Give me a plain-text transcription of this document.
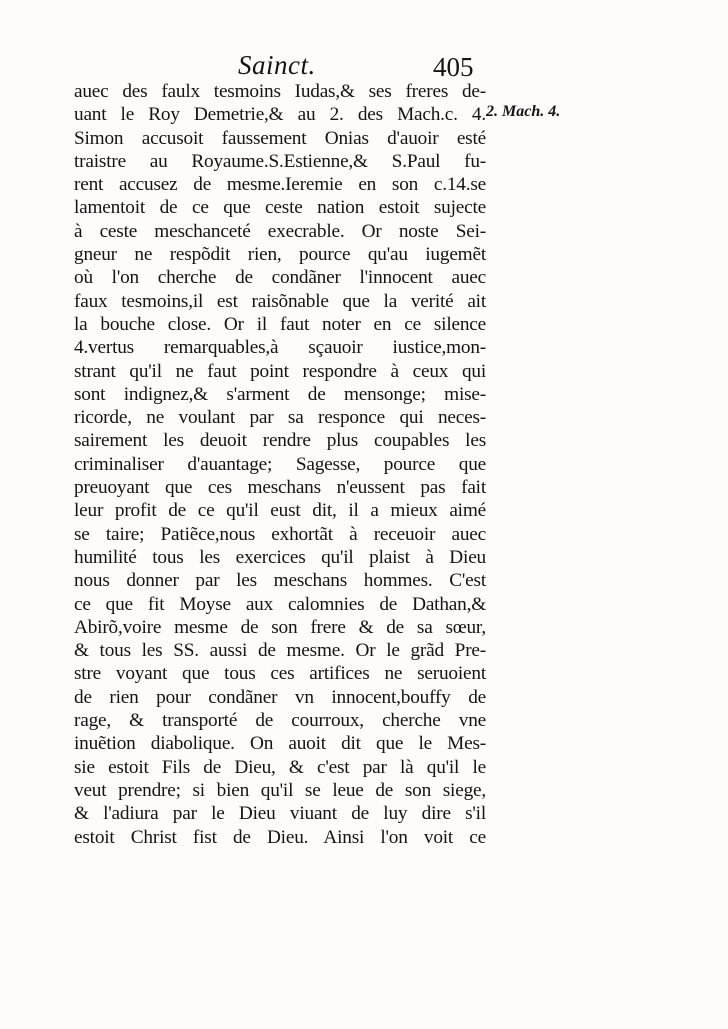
Sainct.	405
2. Mach. 4.
auec des faulx tesmoins Iudas,& ses freres de-
uant le Roy Demetrie,& au 2. des Mach.c. 4.
Simon accusoit faussement Onias d'auoir esté
traistre au Royaume.S.Estienne,& S.Paul fu-
rent accusez de mesme.Ieremie en son c.14.se
lamentoit de ce que ceste nation estoit sujecte
à ceste meschanceté execrable. Or noste Sei-
gneur ne respõdit rien, pource qu'au iugemẽt
où l'on cherche de condãner l'innocent auec
faux tesmoins,il est raisõnable que la verité ait
la bouche close. Or il faut noter en ce silence
4.vertus remarquables,à sçauoir iustice,mon-
strant qu'il ne faut point respondre à ceux qui
sont indignez,& s'arment de mensonge; mise-
ricorde, ne voulant par sa responce qui neces-
sairement les deuoit rendre plus coupables les
criminaliser d'auantage; Sagesse, pource que
preuoyant que ces meschans n'eussent pas fait
leur profit de ce qu'il eust dit, il a mieux aimé
se taire; Patiẽce,nous exhortãt à receuoir auec
humilité tous les exercices qu'il plaist à Dieu
nous donner par les meschans hommes. C'est
ce que fit Moyse aux calomnies de Dathan,&
Abirõ,voire mesme de son frere & de sa sœur,
& tous les SS. aussi de mesme. Or le grãd Pre-
stre voyant que tous ces artifices ne seruoient
de rien pour condãner vn innocent,bouffy de
rage, & transporté de courroux, cherche vne
inuẽtion diabolique. On auoit dit que le Mes-
sie estoit Fils de Dieu, & c'est par là qu'il le
veut prendre; si bien qu'il se leue de son siege,
& l'adiura par le Dieu viuant de luy dire s'il
estoit Christ fist de Dieu. Ainsi l'on voit ce
